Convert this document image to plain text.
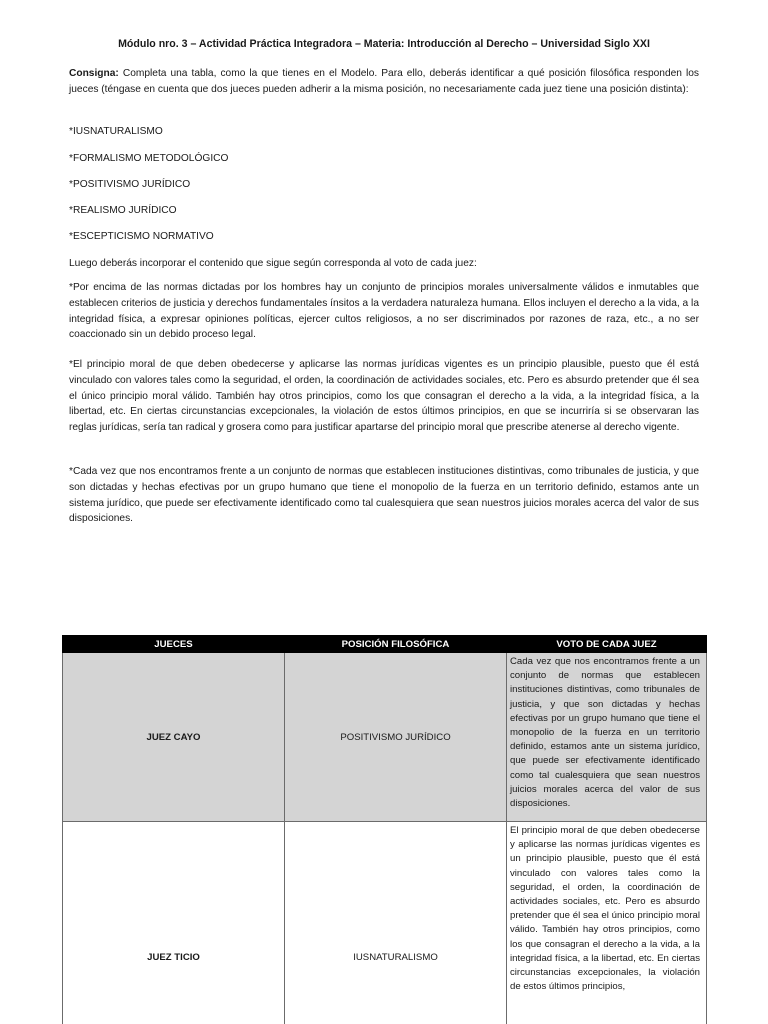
Módulo nro. 3 – Actividad Práctica Integradora – Materia: Introducción al Derecho – Universidad Siglo XXI
Consigna: Completa una tabla, como la que tienes en el Modelo. Para ello, deberás identificar a qué posición filosófica responden los jueces (téngase en cuenta que dos jueces pueden adherir a la misma posición, no necesariamente cada juez tiene una posición distinta):
*IUSNATURALISMO
*FORMALISMO METODOLÓGICO
*POSITIVISMO JURÍDICO
*REALISMO JURÍDICO
*ESCEPTICISMO NORMATIVO
Luego deberás incorporar el contenido que sigue según corresponda al voto de cada juez:
*Por encima de las normas dictadas por los hombres hay un conjunto de principios morales universalmente válidos e inmutables que establecen criterios de justicia y derechos fundamentales ínsitos a la verdadera naturaleza humana. Ellos incluyen el derecho a la vida, a la integridad física, a expresar opiniones políticas, ejercer cultos religiosos, a no ser discriminados por razones de raza, etc., a no ser coaccionado sin un debido proceso legal.
*El principio moral de que deben obedecerse y aplicarse las normas jurídicas vigentes es un principio plausible, puesto que él está vinculado con valores tales como la seguridad, el orden, la coordinación de actividades sociales, etc. Pero es absurdo pretender que él sea el único principio moral válido. También hay otros principios, como los que consagran el derecho a la vida, a la integridad física, a la libertad, etc. En ciertas circunstancias excepcionales, la violación de estos últimos principios, en que se incurriría si se observaran las reglas jurídicas, sería tan radical y grosera como para justificar apartarse del principio moral que prescribe atenerse al derecho vigente.
*Cada vez que nos encontramos frente a un conjunto de normas que establecen instituciones distintivas, como tribunales de justicia, y que son dictadas y hechas efectivas por un grupo humano que tiene el monopolio de la fuerza en un territorio definido, estamos ante un sistema jurídico, que puede ser efectivamente identificado como tal cualesquiera que sean nuestros juicios morales acerca del valor de sus disposiciones.
JUECES	POSICIÓN FILOSÓFICA	VOTO DE CADA JUEZ
JUEZ CAYO	POSITIVISMO JURÍDICO	Cada vez que nos encontramos frente a un conjunto de normas que establecen instituciones distintivas, como tribunales de justicia, y que son dictadas y hechas efectivas por un grupo humano que tiene el monopolio de la fuerza en un territorio definido, estamos ante un sistema jurídico, que puede ser efectivamente identificado como tal cualesquiera que sean nuestros juicios morales acerca del valor de sus disposiciones.

JUEZ TICIO	IUSNATURALISMO	El principio moral de que deben obedecerse y aplicarse las normas jurídicas vigentes es un principio plausible, puesto que él está vinculado con valores tales como la seguridad, el orden, la coordinación de actividades sociales, etc. Pero es absurdo pretender que él sea el único principio moral válido. También hay otros principios, como los que consagran el derecho a la vida, a la integridad física, a la libertad, etc. En ciertas circunstancias excepcionales, la violación de estos últimos principios,
